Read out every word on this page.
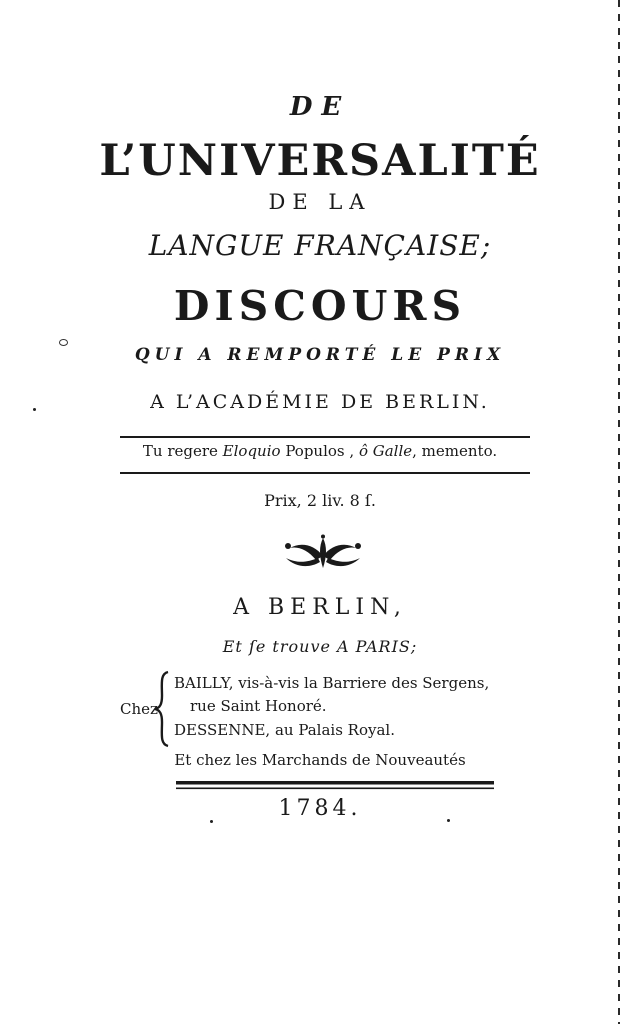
DE
L’UNIVERSALITÉ
DE LA
LANGUE FRANÇAISE;
DISCOURS
QUI A REMPORTÉ LE PRIX
A L’ACADÉMIE DE BERLIN.
Tu regere Eloquio Populos , ô Galle, memento.
Prix, 2 liv. 8 ſ.
A BERLIN,
Et ſe trouve A PARIS;
Chez
BAILLY, vis-à-vis la Barriere des Sergens,
rue Saint Honoré.
DESSENNE, au Palais Royal.
Et chez les Marchands de Nouveautés
1784.
